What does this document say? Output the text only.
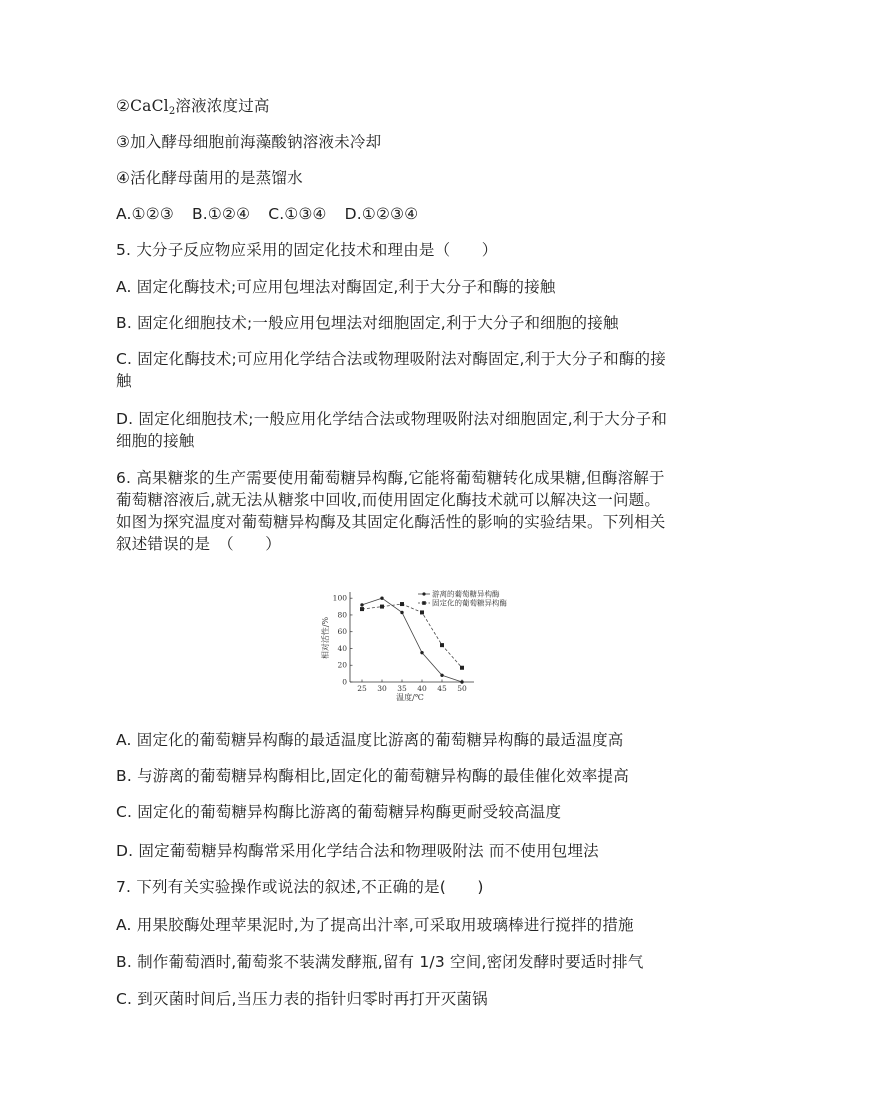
②CaCl$_2$溶液浓度过高
③加入酵母细胞前海藻酸钠溶液未冷却
④活化酵母菌用的是蒸馏水
A.①②③ B.①②④ C.①③④ D.①②③④
5. 大分子反应物应采用的固定化技术和理由是（　　）
A. 固定化酶技术;可应用包埋法对酶固定,利于大分子和酶的接触
B. 固定化细胞技术;一般应用包埋法对细胞固定,利于大分子和细胞的接触
C. 固定化酶技术;可应用化学结合法或物理吸附法对酶固定,利于大分子和酶的接
触
D. 固定化细胞技术;一般应用化学结合法或物理吸附法对细胞固定,利于大分子和
细胞的接触
6. 高果糖浆的生产需要使用葡萄糖异构酶,它能将葡萄糖转化成果糖,但酶溶解于
葡萄糖溶液后,就无法从糖浆中回收,而使用固定化酶技术就可以解决这一问题。
如图为探究温度对葡萄糖异构酶及其固定化酶活性的影响的实验结果。下列相关
叙述错误的是　（　　）
0
20
40
60
80
100
25 30 35 40 45 50
游离的葡萄糖异构酶
固定化的葡萄糖异构酶
温度/℃
相对活性/%
A. 固定化的葡萄糖异构酶的最适温度比游离的葡萄糖异构酶的最适温度高
B. 与游离的葡萄糖异构酶相比,固定化的葡萄糖异构酶的最佳催化效率提高
C. 固定化的葡萄糖异构酶比游离的葡萄糖异构酶更耐受较高温度
D. 固定葡萄糖异构酶常采用化学结合法和物理吸附法 而不使用包埋法
7. 下列有关实验操作或说法的叙述,不正确的是(　　)
A. 用果胶酶处理苹果泥时,为了提高出汁率,可采取用玻璃棒进行搅拌的措施
B. 制作葡萄酒时,葡萄浆不装满发酵瓶,留有 1/3 空间,密闭发酵时要适时排气
C. 到灭菌时间后,当压力表的指针归零时再打开灭菌锅
